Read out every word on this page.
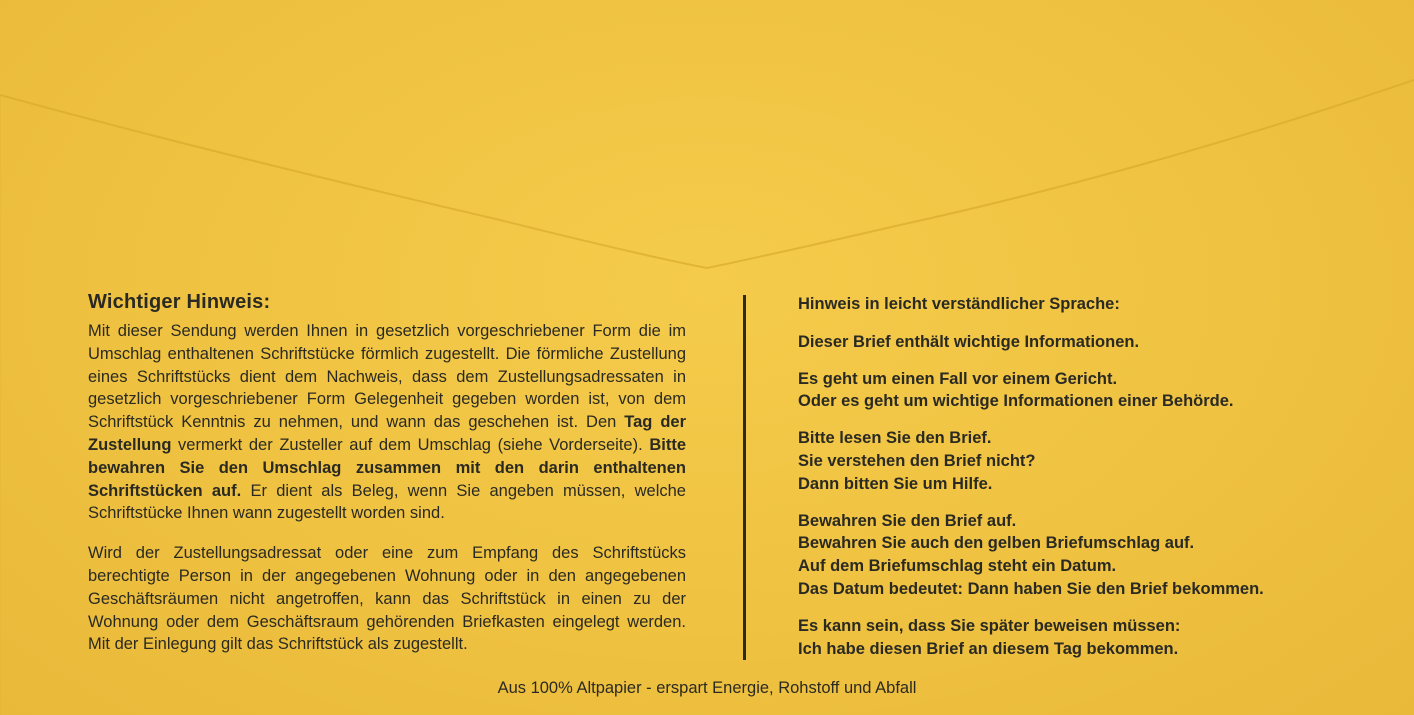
Wichtiger Hinweis:

Mit dieser Sendung werden Ihnen in gesetzlich vorgeschriebener Form die im Umschlag enthaltenen Schriftstücke förmlich zugestellt. Die förmliche Zustellung eines Schriftstücks dient dem Nachweis, dass dem Zustellungsadressaten in gesetzlich vorgeschriebener Form Gelegenheit gegeben worden ist, von dem Schriftstück Kenntnis zu nehmen, und wann das geschehen ist. Den Tag der Zustellung vermerkt der Zusteller auf dem Umschlag (siehe Vorderseite). Bitte bewahren Sie den Umschlag zusammen mit den darin enthaltenen Schriftstücken auf. Er dient als Beleg, wenn Sie angeben müssen, welche Schriftstücke Ihnen wann zugestellt worden sind.

Wird der Zustellungsadressat oder eine zum Empfang des Schriftstücks berechtigte Person in der angegebenen Wohnung oder in den angegebenen Geschäftsräumen nicht angetroffen, kann das Schriftstück in einen zu der Wohnung oder dem Geschäftsraum gehörenden Briefkasten eingelegt werden. Mit der Einlegung gilt das Schriftstück als zugestellt.

Hinweis in leicht verständlicher Sprache:
Dieser Brief enthält wichtige Informationen.
Es geht um einen Fall vor einem Gericht.
Oder es geht um wichtige Informationen einer Behörde.
Bitte lesen Sie den Brief.
Sie verstehen den Brief nicht?
Dann bitten Sie um Hilfe.
Bewahren Sie den Brief auf.
Bewahren Sie auch den gelben Briefumschlag auf.
Auf dem Briefumschlag steht ein Datum.
Das Datum bedeutet: Dann haben Sie den Brief bekommen.
Es kann sein, dass Sie später beweisen müssen:
Ich habe diesen Brief an diesem Tag bekommen.
Aus 100% Altpapier - erspart Energie, Rohstoff und Abfall
